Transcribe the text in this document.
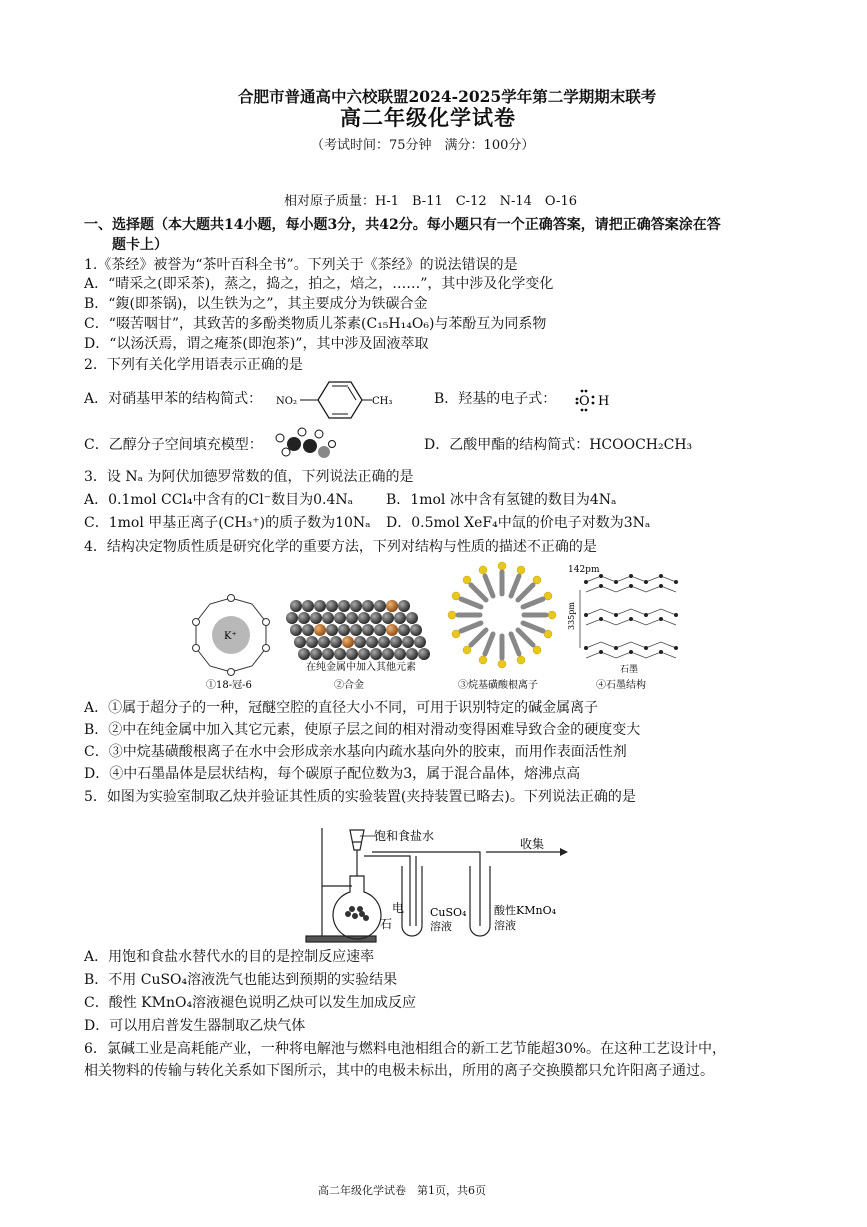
合肥市普通高中六校联盟2024-2025学年第二学期期末联考
高二年级化学试卷
（考试时间：75分钟　满分：100分）
相对原子质量：H-1　B-11　C-12　N-14　O-16
一、选择题（本大题共14小题，每小题3分，共42分。每小题只有一个正确答案，请把正确答案涂在答
题卡上）
1.《茶经》被誉为“茶叶百科全书”。下列关于《茶经》的说法错误的是
A．“晴采之(即采茶)，蒸之，捣之，拍之，焙之，……”，其中涉及化学变化
B．“鍑(即茶锅)，以生铁为之”，其主要成分为铁碳合金
C．“啜苦咽甘”，其致苦的多酚类物质儿茶素(C₁₅H₁₄O₆)与苯酚互为同系物
D．“以汤沃焉，谓之痷茶(即泡茶)”，其中涉及固液萃取
2．下列有关化学用语表示正确的是
A．对硝基甲苯的结构简式： NO₂	CH₃	B．羟基的电子式： O H
C．乙醇分子空间填充模型：	D．乙酸甲酯的结构简式：HCOOCH₂CH₃
3．设 Nₐ 为阿伏加德罗常数的值，下列说法正确的是
A．0.1mol CCl₄中含有的Cl⁻数目为0.4Nₐ B．1mol 冰中含有氢键的数目为4Nₐ
C．1mol 甲基正离子(CH₃⁺)的质子数为10Nₐ D．0.5mol XeF₄中氙的价电子对数为3Nₐ
4．结构决定物质性质是研究化学的重要方法，下列对结构与性质的描述不正确的是
K⁺
①18-冠-6
在纯金属中加入其他元素
②合金	③烷基磺酸根离子
142pm
335pm
石墨
④石墨结构
A．①属于超分子的一种，冠醚空腔的直径大小不同，可用于识别特定的碱金属离子
B．②中在纯金属中加入其它元素，使原子层之间的相对滑动变得困难导致合金的硬度变大
C．③中烷基磺酸根离子在水中会形成亲水基向内疏水基向外的胶束，而用作表面活性剂
D．④中石墨晶体是层状结构，每个碳原子配位数为3，属于混合晶体，熔沸点高
5．如图为实验室制取乙炔并验证其性质的实验装置(夹持装置已略去)。下列说法正确的是
饱和食盐水
收集
电
石
CuSO₄
溶液
酸性KMnO₄
溶液
A．用饱和食盐水替代水的目的是控制反应速率
B．不用 CuSO₄溶液洗气也能达到预期的实验结果
C．酸性 KMnO₄溶液褪色说明乙炔可以发生加成反应
D．可以用启普发生器制取乙炔气体
6．氯碱工业是高耗能产业，一种将电解池与燃料电池相组合的新工艺节能超30%。在这种工艺设计中，
相关物料的传输与转化关系如下图所示，其中的电极未标出，所用的离子交换膜都只允许阳离子通过。
高二年级化学试卷　第1页，共6页
